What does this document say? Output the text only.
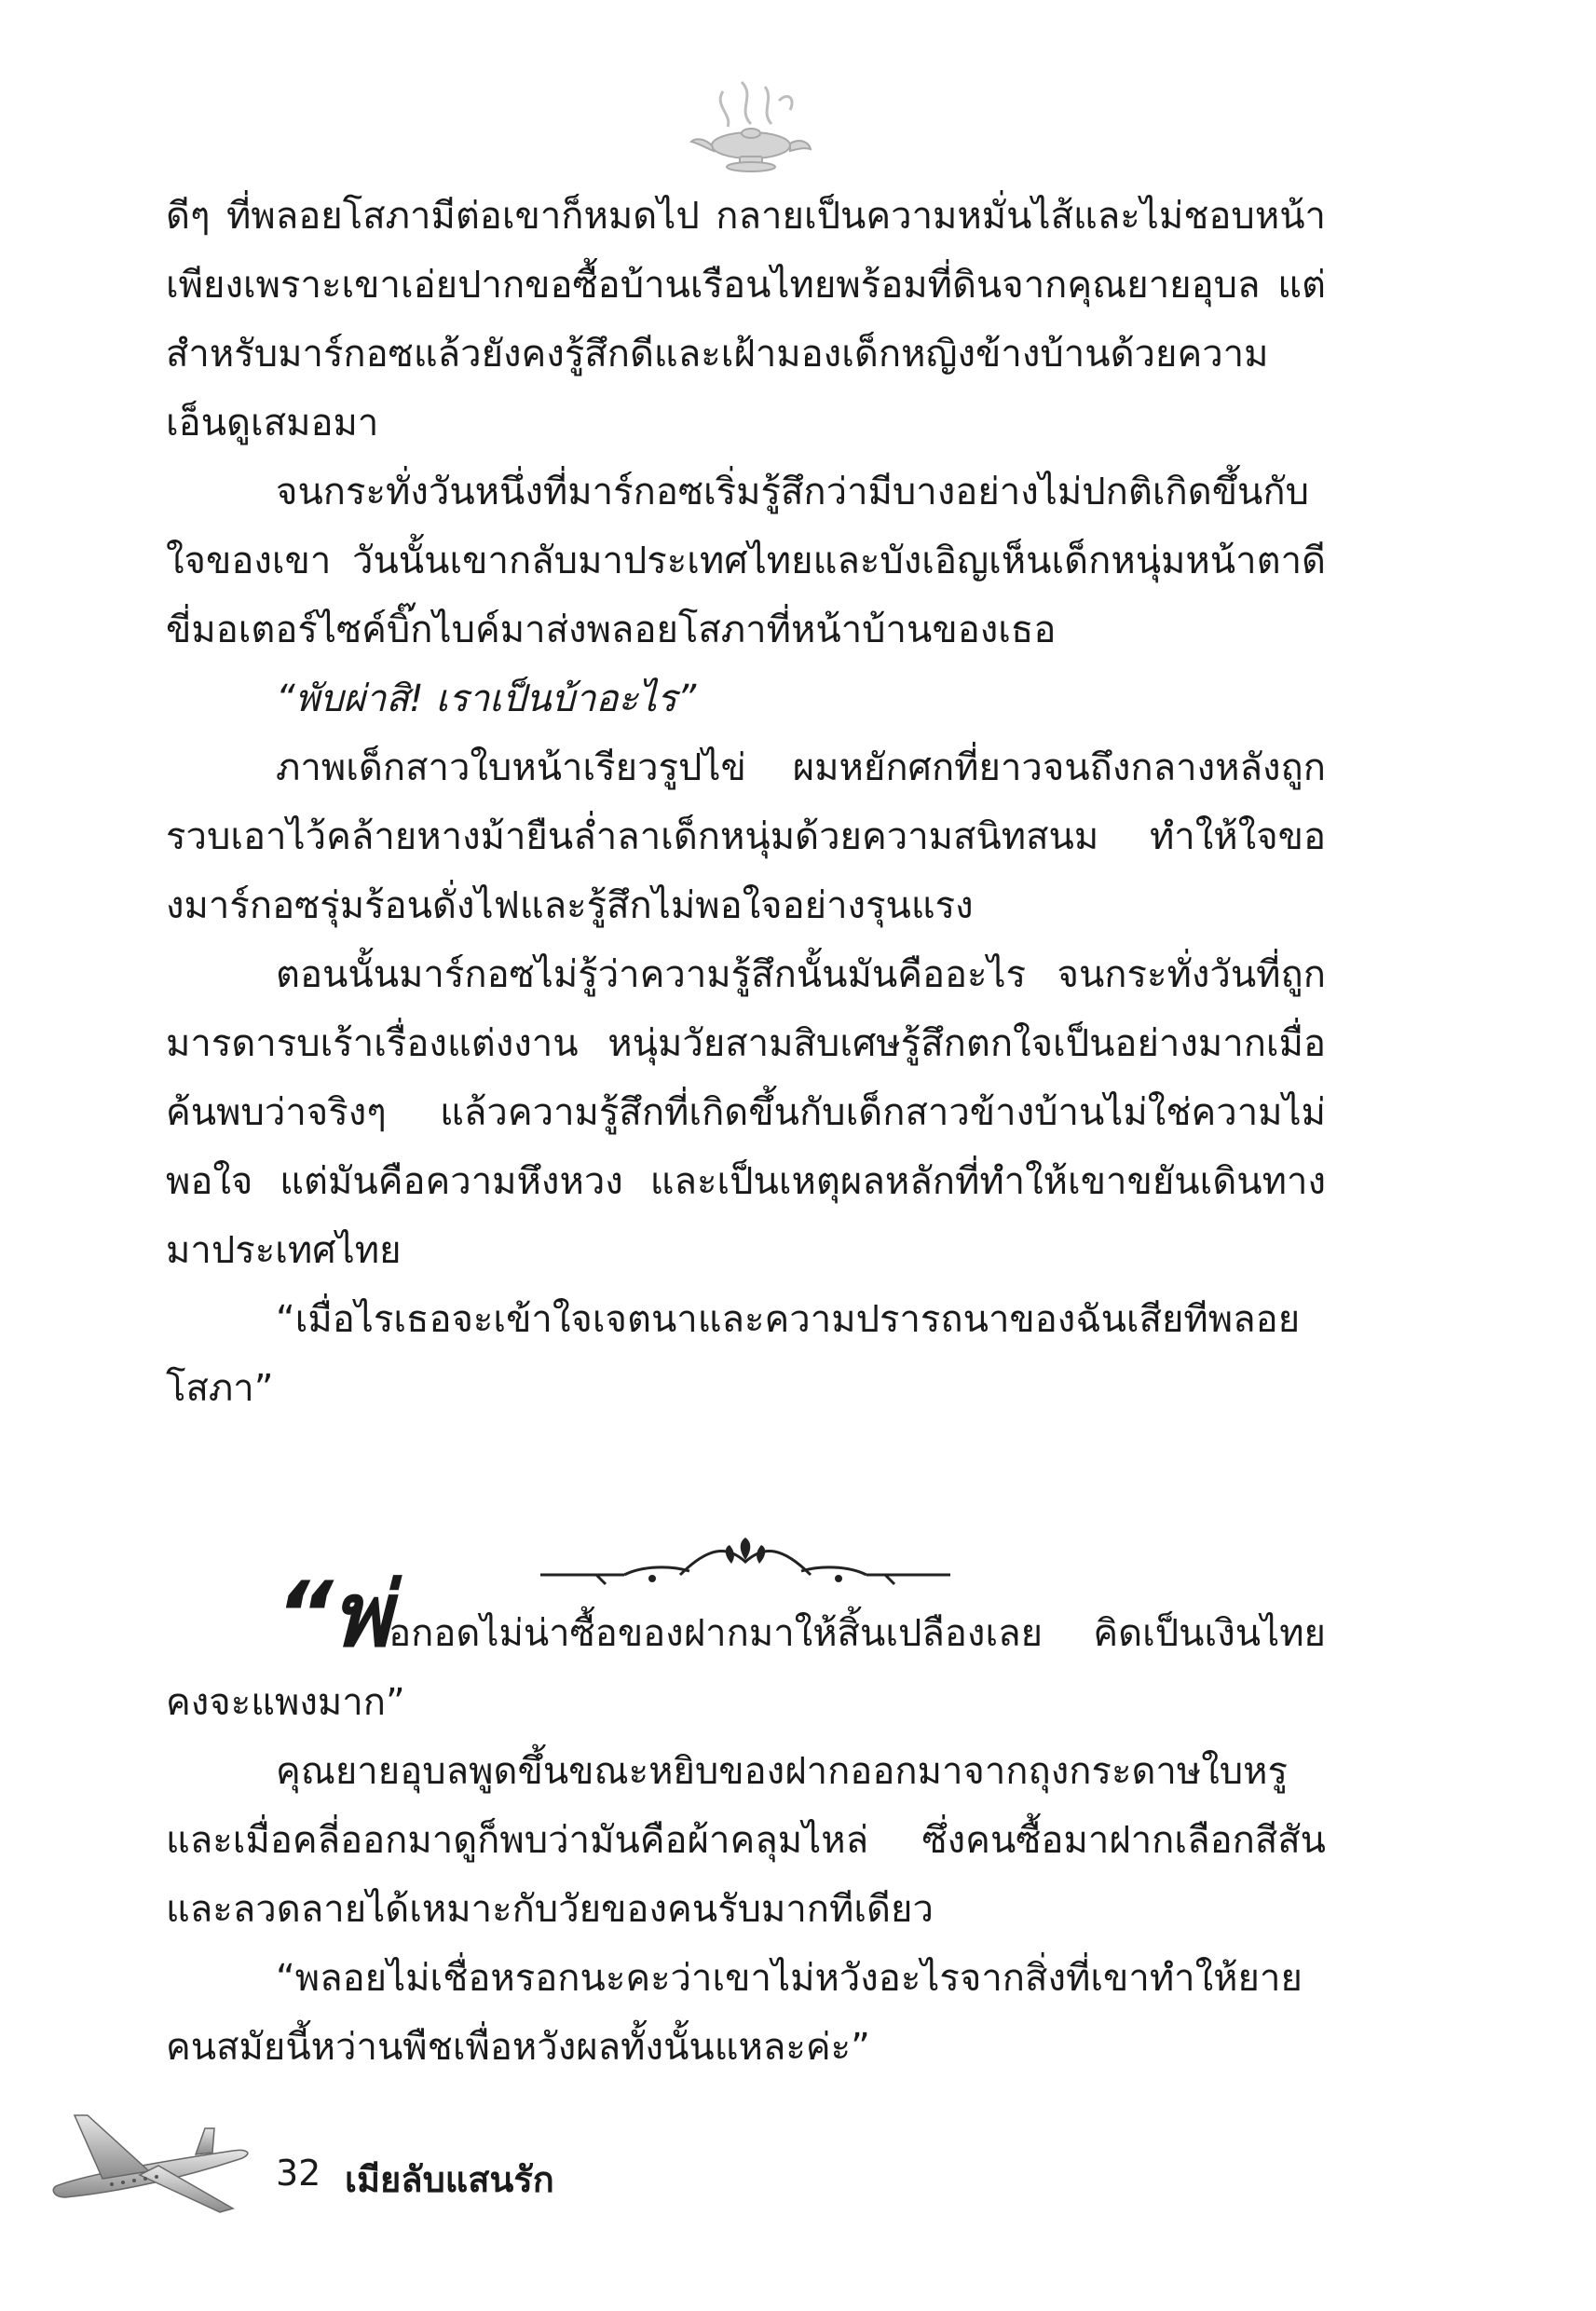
ดีๆ ที่พลอยโสภามีต่อเขาก็หมดไป กลายเป็นความหมั่นไส้และไม่ชอบหน้าเพียงเพราะเขาเอ่ยปากขอซื้อบ้านเรือนไทยพร้อมที่ดินจากคุณยายอุบล แต่สำหรับมาร์กอซแล้วยังคงรู้สึกดีและเฝ้ามองเด็กหญิงข้างบ้านด้วยความเอ็นดูเสมอมา

จนกระทั่งวันหนึ่งที่มาร์กอซเริ่มรู้สึกว่ามีบางอย่างไม่ปกติเกิดขึ้นกับใจของเขา วันนั้นเขากลับมาประเทศไทยและบังเอิญเห็นเด็กหนุ่มหน้าตาดีขี่มอเตอร์ไซค์บิ๊กไบค์มาส่งพลอยโสภาที่หน้าบ้านของเธอ

“พับผ่าสิ! เราเป็นบ้าอะไร”

ภาพเด็กสาวใบหน้าเรียวรูปไข่ ผมหยักศกที่ยาวจนถึงกลางหลังถูกรวบเอาไว้คล้ายหางม้ายืนล่ำลาเด็กหนุ่มด้วยความสนิทสนม ทำให้ใจของมาร์กอซรุ่มร้อนดั่งไฟและรู้สึกไม่พอใจอย่างรุนแรง

ตอนนั้นมาร์กอซไม่รู้ว่าความรู้สึกนั้นมันคืออะไร จนกระทั่งวันที่ถูกมารดารบเร้าเรื่องแต่งงาน หนุ่มวัยสามสิบเศษรู้สึกตกใจเป็นอย่างมากเมื่อค้นพบว่าจริงๆ แล้วความรู้สึกที่เกิดขึ้นกับเด็กสาวข้างบ้านไม่ใช่ความไม่พอใจ แต่มันคือความหึงหวง และเป็นเหตุผลหลักที่ทำให้เขาขยันเดินทางมาประเทศไทย

“เมื่อไรเธอจะเข้าใจเจตนาและความปรารถนาของฉันเสียทีพลอยโสภา”

“พ่อกอดไม่น่าซื้อของฝากมาให้สิ้นเปลืองเลย คิดเป็นเงินไทยคงจะแพงมาก”

คุณยายอุบลพูดขึ้นขณะหยิบของฝากออกมาจากถุงกระดาษใบหรูและเมื่อคลี่ออกมาดูก็พบว่ามันคือผ้าคลุมไหล่ ซึ่งคนซื้อมาฝากเลือกสีสันและลวดลายได้เหมาะกับวัยของคนรับมากทีเดียว

“พลอยไม่เชื่อหรอกนะคะว่าเขาไม่หวังอะไรจากสิ่งที่เขาทำให้ยายคนสมัยนี้หว่านพืชเพื่อหวังผลทั้งนั้นแหละค่ะ”

32 เมียลับแสนรัก
